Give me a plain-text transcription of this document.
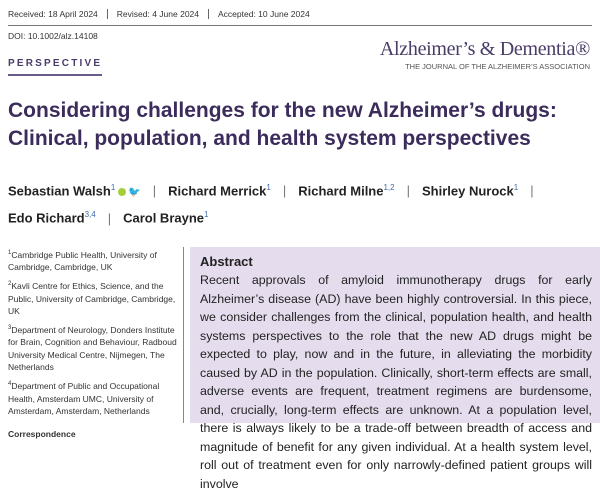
Received: 18 April 2024	Revised: 4 June 2024	Accepted: 10 June 2024
DOI: 10.1002/alz.14108
Alzheimer’s & Dementia®
THE JOURNAL OF THE ALZHEIMER’S ASSOCIATION
PERSPECTIVE
Considering challenges for the new Alzheimer’s drugs: Clinical, population, and health system perspectives
Sebastian Walsh$^1$ 🐦 | Richard Merrick$^1$ | Richard Milne$^{1,2}$ | Shirley Nurock$^1$ |
Edo Richard$^{3,4}$ | Carol Brayne$^1$

$^1$Cambridge Public Health, University of Cambridge, Cambridge, UK

$^2$Kavli Centre for Ethics, Science, and the Public, University of Cambridge, Cambridge, UK

$^3$Department of Neurology, Donders Institute for Brain, Cognition and Behaviour, Radboud University Medical Centre, Nijmegen, The Netherlands

$^4$Department of Public and Occupational Health, Amsterdam UMC, University of Amsterdam, Amsterdam, Netherlands

Correspondence

Abstract
Recent approvals of amyloid immunotherapy drugs for early Alzheimer’s disease (AD) have been highly controversial. In this piece, we consider challenges from the clinical, population health, and health systems perspectives to the role that the new AD drugs might be expected to play, now and in the future, in alleviating the morbidity caused by AD in the population. Clinically, short-term effects are small, adverse events are frequent, treatment regimens are burdensome, and, crucially, long-term effects are unknown. At a population level, there is always likely to be a trade-off between breadth of access and magnitude of benefit for any given individual. At a health system level, roll out of treatment even for only narrowly-defined patient groups will involve
